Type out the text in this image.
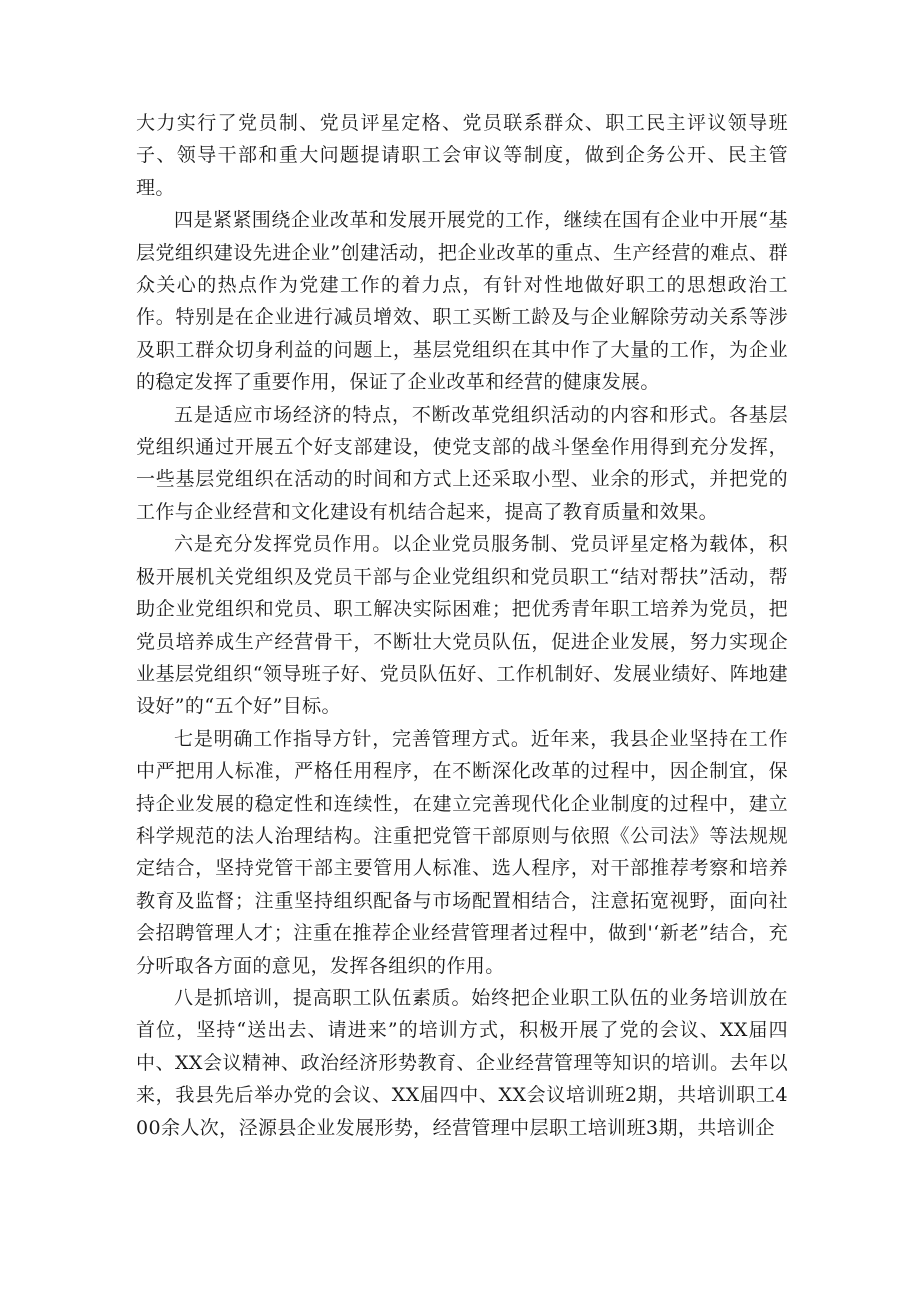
大力实行了党员制、党员评星定格、党员联系群众、职工民主评议领导班子、领导干部和重大问题提请职工会审议等制度，做到企务公开、民主管理。

四是紧紧围绕企业改革和发展开展党的工作，继续在国有企业中开展“基层党组织建设先进企业”创建活动，把企业改革的重点、生产经营的难点、群众关心的热点作为党建工作的着力点，有针对性地做好职工的思想政治工作。特别是在企业进行减员增效、职工买断工龄及与企业解除劳动关系等涉及职工群众切身利益的问题上，基层党组织在其中作了大量的工作，为企业的稳定发挥了重要作用，保证了企业改革和经营的健康发展。

五是适应市场经济的特点，不断改革党组织活动的内容和形式。各基层党组织通过开展五个好支部建设，使党支部的战斗堡垒作用得到充分发挥，一些基层党组织在活动的时间和方式上还采取小型、业余的形式，并把党的工作与企业经营和文化建设有机结合起来，提高了教育质量和效果。

六是充分发挥党员作用。以企业党员服务制、党员评星定格为载体，积极开展机关党组织及党员干部与企业党组织和党员职工“结对帮扶”活动，帮助企业党组织和党员、职工解决实际困难；把优秀青年职工培养为党员，把党员培养成生产经营骨干，不断壮大党员队伍，促进企业发展，努力实现企业基层党组织“领导班子好、党员队伍好、工作机制好、发展业绩好、阵地建设好”的“五个好”目标。

七是明确工作指导方针，完善管理方式。近年来，我县企业坚持在工作中严把用人标准，严格任用程序，在不断深化改革的过程中，因企制宜，保持企业发展的稳定性和连续性，在建立完善现代化企业制度的过程中，建立科学规范的法人治理结构。注重把党管干部原则与依照《公司法》等法规规定结合，坚持党管干部主要管用人标准、选人程序，对干部推荐考察和培养教育及监督；注重坚持组织配备与市场配置相结合，注意拓宽视野，面向社会招聘管理人才；注重在推荐企业经营管理者过程中，做到'‘新老”结合，充分听取各方面的意见，发挥各组织的作用。

八是抓培训，提高职工队伍素质。始终把企业职工队伍的业务培训放在首位，坚持“送出去、请进来”的培训方式，积极开展了党的会议、XX届四中、XX会议精神、政治经济形势教育、企业经营管理等知识的培训。去年以来，我县先后举办党的会议、XX届四中、XX会议培训班2期，共培训职工400余人次，泾源县企业发展形势，经营管理中层职工培训班3期，共培训企
